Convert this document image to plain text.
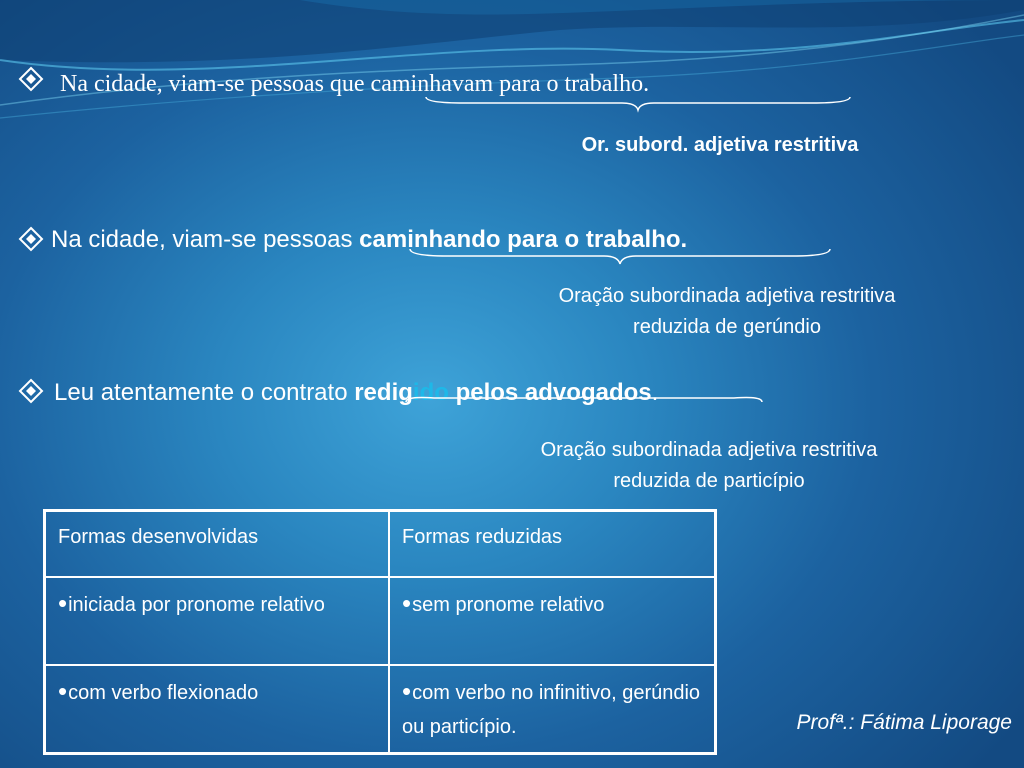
Na cidade, viam-se pessoas que caminhavam para o trabalho.
Or. subord. adjetiva restritiva
Na cidade, viam-se pessoas caminhando para o trabalho.
Oração subordinada adjetiva restritiva
reduzida de gerúndio
Leu atentamente o contrato redigido pelos advogados.
Oração subordinada adjetiva restritiva
reduzida de particípio
Formas desenvolvidas	Formas reduzidas
•iniciada por pronome relativo	•sem pronome relativo
•com verbo flexionado	•com verbo no infinitivo, gerúndio ou particípio.	Profª.: Fátima Liporage
